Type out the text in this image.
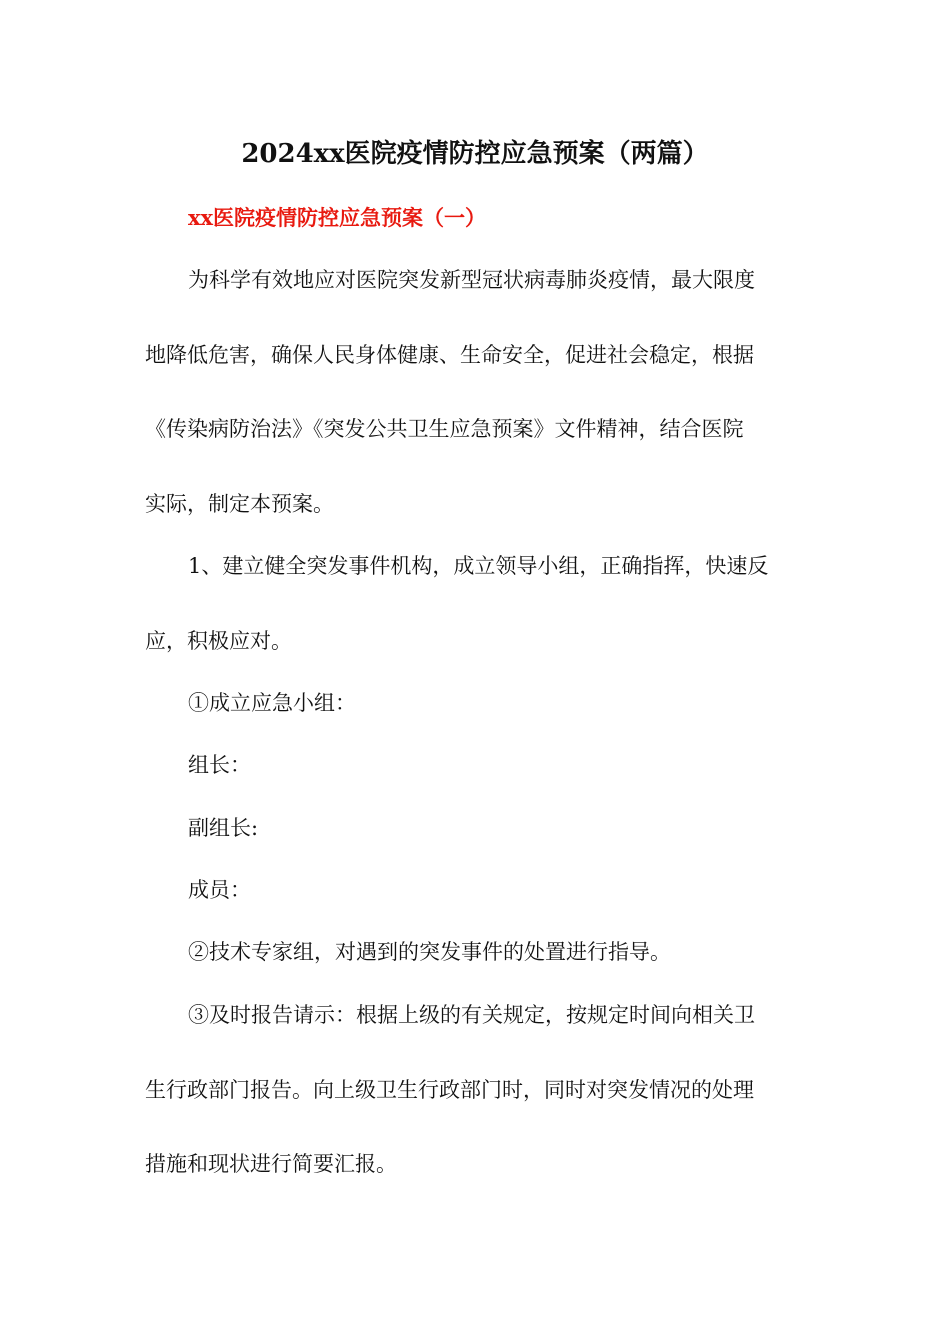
2024xx医院疫情防控应急预案（两篇）
xx医院疫情防控应急预案（一）
为科学有效地应对医院突发新型冠状病毒肺炎疫情，最大限度
地降低危害，确保人民身体健康、生命安全，促进社会稳定，根据
《传染病防治法》《突发公共卫生应急预案》文件精神，结合医院
实际，制定本预案。
1、建立健全突发事件机构，成立领导小组，正确指挥，快速反
应，积极应对。
①成立应急小组：
组长：
副组长:
成员：
②技术专家组，对遇到的突发事件的处置进行指导。
③及时报告请示：根据上级的有关规定，按规定时间向相关卫
生行政部门报告。向上级卫生行政部门时，同时对突发情况的处理
措施和现状进行简要汇报。
